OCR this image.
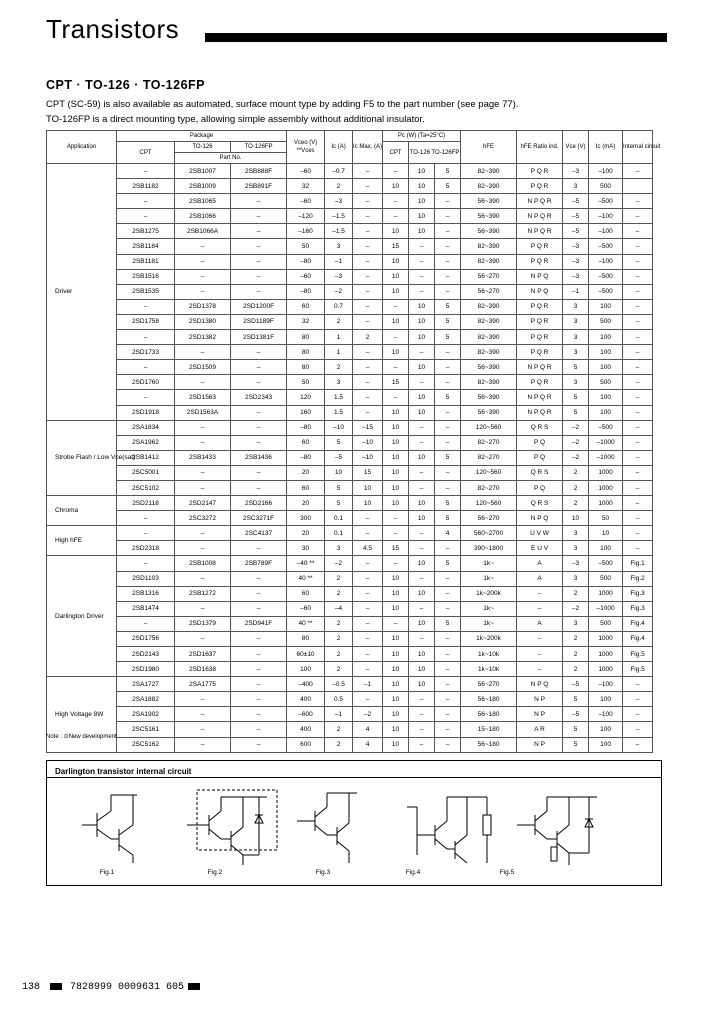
Transistors
CPT · TO-126 · TO-126FP
CPT (SC-59) is also available as automated, surface mount type by adding F5 to the part number (see page 77).
TO-126FP is a direct mounting type, allowing simple assembly without additional insulator.
Application	Package			Vceo (V)
**Vces	Ic (A)	Ic Max. (A)	Pc (W) (Ta=25°C)			hFE	hFE Ratio ind.	Vce (V)	Ic (mA)	Internal circuit
	CPT	TO-126	TO-126FP				CPT	TO-126 TO-126FP						
		Part No.												
Driver	–	2SB1007	2SB888F	–60	–0.7	–	–	10	5	82~390	P Q R	–3	–100	–
	2SB1182	2SB1009	2SB891F	32	2	–	10	10	5	82~390	P Q R	3	500	
	–	2SB1065	–	–60	–3	–	–	10	–	56~390	N P Q R	–5	–500	–
	–	2SB1066	–	–120	–1.5	–	–	10	–	56~390	N P Q R	–5	–100	–
	2SB1275	2SB1066A	–	–160	–1.5	–	10	10	–	56~390	N P Q R	–5	–100	–
	2SB1184	–	–	50	3	–	15	–	–	82~390	P Q R	–3	–500	–
	2SB1181	–	–	–80	–1	–	10	–	–	82~390	P Q R	–3	–100	–
	2SB1516	–	–	–60	–3	–	10	–	–	56~270	N P Q	–3	–500	–
	2SB1535	–	–	–80	–2	–	10	–	–	56~270	N P Q	–1	–500	–
	–	2SD1378	2SD1200F	60	0.7	–	–	10	5	82~390	P Q R	3	100	–
	2SD1758	2SD1380	2SD1189F	32	2	–	10	10	5	82~390	P Q R	3	500	–
	–	2SD1382	2SD1381F	80	1	2	–	10	5	82~390	P Q R	3	100	–
	2SD1733	–	–	80	1	–	10	–	–	82~390	P Q R	3	100	–
	–	2SD1509	–	80	2	–	–	10	–	56~390	N P Q R	5	100	–
	2SD1760	–	–	50	3	–	15	–	–	82~390	P Q R	3	500	–
	–	2SD1563	2SD2343	120	1.5	–	–	10	5	56~390	N P Q R	5	100	–
	2SD1918	2SD1563A	–	160	1.5	–	10	10	–	56~390	N P Q R	5	100	–
Strobe Flash / Low Vce(sat)	2SA1834	–	–	–80	–10	–15	10	–	–	120~560	Q R S	–2	–500	–
	2SA1962	–	–	60	5	–10	10	–	–	82~270	P Q	–2	–1000	–
	2SB1412	2SB1433	2SB1436	–80	–5	–10	10	10	5	82~270	P Q	–2	–1000	–
	2SC5001	–	–	20	10	15	10	–	–	120~560	Q R S	2	1000	–
	2SC5102	–	–	60	5	10	10	–	–	82~270	P Q	2	1000	–
Chroma	2SD2118	2SD2147	2SD2166	20	5	10	10	10	5	120~560	Q R S	2	1000	–
	–	2SC3272	2SC3271F	300	0.1	–	–	10	5	56~270	N P Q	10	50	–
High hFE	–	–	2SC4137	20	0.1	–	–	–	4	560~2700	U V W	3	10	–
	2SD2318	–	–	30	3	4.5	15	–	–	390~1800	E U V	3	100	–
Darlington Driver	–	2SB1008	2SB789F	–40 **	–2	–	–	10	5	1k~	A	–3	–500	Fig.1
	2SD1103	–	–	40 **	2	–	10	–	–	1k~	A	3	500	Fig.2
	2SB1316	2SB1272	–	60	2	–	10	10	–	1k~200k	–	2	1000	Fig.3
	2SB1474	–	–	–60	–4	–	10	–	–	1k~	–	–2	–1000	Fig.3
	–	2SD1379	2SD941F	40 **	2	–	–	10	5	1k~	A	3	500	Fig.4
	2SD1756	–	–	80	2	–	10	–	–	1k~200k	–	2	1000	Fig.4
	2SD2143	2SD1637	–	60±10	2	–	10	10	–	1k~10k	–	2	1000	Fig.5
	2SD1980	2SD1638	–	100	2	–	10	10	–	1k~10k	–	2	1000	Fig.5
High Voltage 8W	2SA1727	2SA1775	–	–400	–0.5	–1	10	10	–	56~270	N P Q	–5	–100	–
	2SA1882	–	–	400	0.5	–	10	–	–	56~180	N P	5	100	–
	2SA1902	–	–	–600	–1	–2	10	–	–	56~180	N P	–5	–100	–
	2SC5161	–	–	400	2	4	10	–	–	15~180	A R	5	100	–
	2SC5162	–	–	600	2	4	10	–	–	56~180	N P	5	100	–
Note : ⊙New development
Darlington transistor internal circuit
Fig.1	Fig.2	Fig.3	Fig.4	Fig.5
138	7828999 0009631 605
